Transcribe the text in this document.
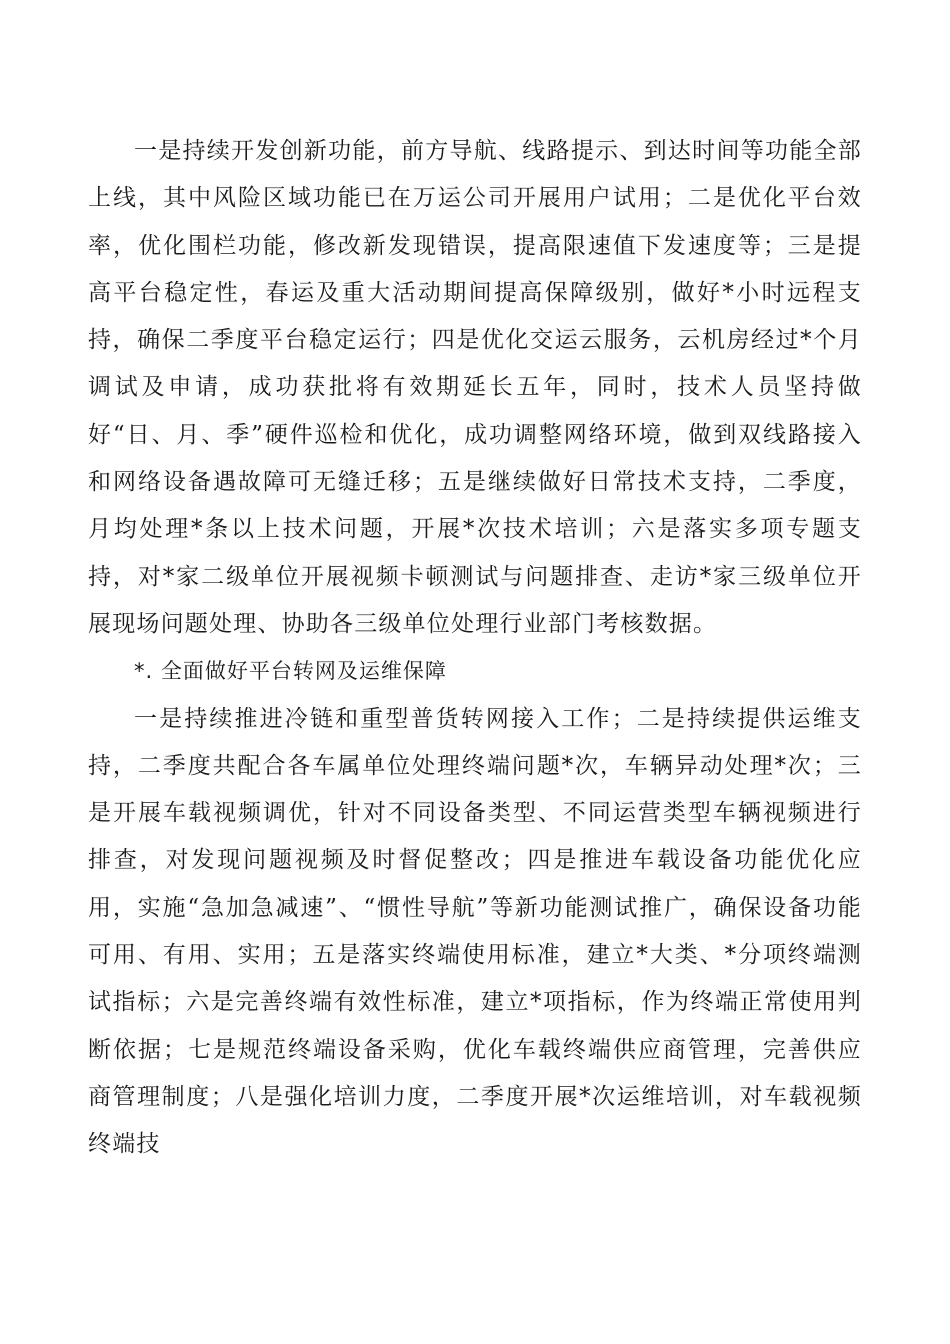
一是持续开发创新功能，前方导航、线路提示、到达时间等功能全部上线，其中风险区域功能已在万运公司开展用户试用；二是优化平台效率，优化围栏功能，修改新发现错误，提高限速值下发速度等；三是提高平台稳定性，春运及重大活动期间提高保障级别，做好*小时远程支持，确保二季度平台稳定运行；四是优化交运云服务，云机房经过*个月调试及申请，成功获批将有效期延长五年，同时，技术人员坚持做好“日、月、季”硬件巡检和优化，成功调整网络环境，做到双线路接入和网络设备遇故障可无缝迁移；五是继续做好日常技术支持，二季度，月均处理*条以上技术问题，开展*次技术培训；六是落实多项专题支持，对*家二级单位开展视频卡顿测试与问题排查、走访*家三级单位开展现场问题处理、协助各三级单位处理行业部门考核数据。

*. 全面做好平台转网及运维保障

一是持续推进冷链和重型普货转网接入工作；二是持续提供运维支持，二季度共配合各车属单位处理终端问题*次，车辆异动处理*次；三是开展车载视频调优，针对不同设备类型、不同运营类型车辆视频进行排查，对发现问题视频及时督促整改；四是推进车载设备功能优化应用，实施“急加急减速”、“惯性导航”等新功能测试推广，确保设备功能可用、有用、实用；五是落实终端使用标准，建立*大类、*分项终端测试指标；六是完善终端有效性标准，建立*项指标，作为终端正常使用判断依据；七是规范终端设备采购，优化车载终端供应商管理，完善供应商管理制度；八是强化培训力度，二季度开展*次运维培训，对车载视频终端技
